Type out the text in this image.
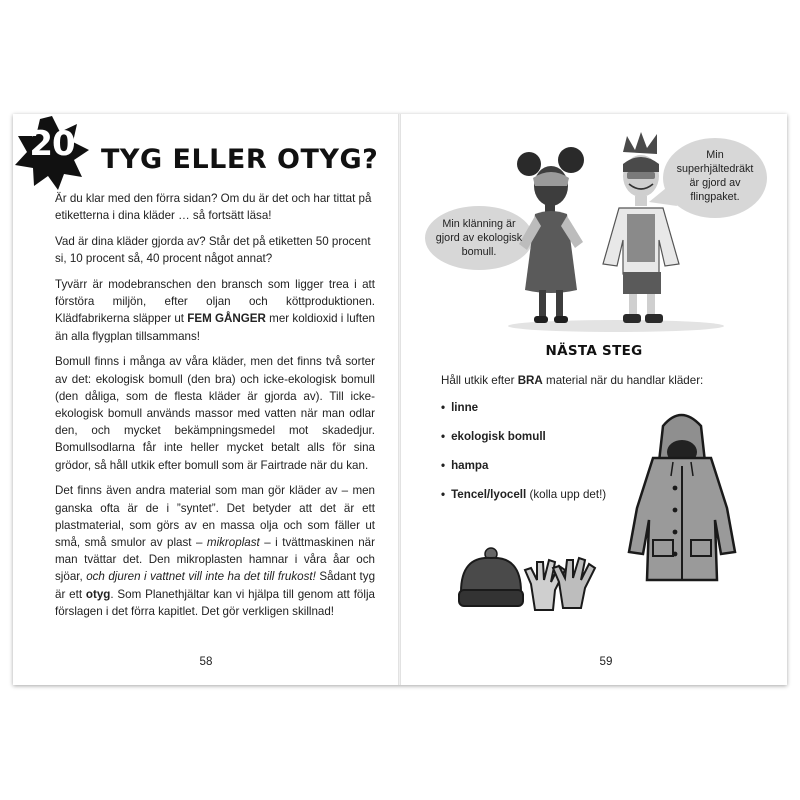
20 TYG ELLER OTYG?

Är du klar med den förra sidan? Om du är det och har tittat på etiketterna i dina kläder … så fortsätt läsa!

Vad är dina kläder gjorda av? Står det på etiketten 50 procent si, 10 procent så, 40 procent något annat?

Tyvärr är modebranschen den bransch som ligger trea i att förstöra miljön, efter oljan och köttproduktionen. Klädfabrikerna släpper ut FEM GÅNGER mer koldioxid i luften än alla flygplan tillsammans!

Bomull finns i många av våra kläder, men det finns två sorter av det: ekologisk bomull (den bra) och icke-ekologisk bomull (den dåliga, som de flesta kläder är gjorda av). Till icke-ekologisk bomull används massor med vatten när man odlar den, och mycket bekämpningsmedel mot skadedjur. Bomullsodlarna får inte heller mycket betalt alls för sina grödor, så håll utkik efter bomull som är Fairtrade när du kan.

Det finns även andra material som man gör kläder av – men ganska ofta är de i ”syntet”. Det betyder att det är ett plastmaterial, som görs av en massa olja och som fäller ut små, små smulor av plast – mikroplast – i tvättmaskinen när man tvättar det. Den mikroplasten hamnar i våra åar och sjöar, och djuren i vattnet vill inte ha det till frukost! Sådant tyg är ett otyg. Som Planethjältar kan vi hjälpa till genom att följa förslagen i det förra kapitlet. Det gör verkligen skillnad!

58
Min klänning är gjord av ekologisk bomull.
Min superhjältedräkt är gjord av flingpaket.
NÄSTA STEG
Håll utkik efter BRA material när du handlar kläder:
• linne
• ekologisk bomull
• hampa
• Tencel/lyocell (kolla upp det!)
59
